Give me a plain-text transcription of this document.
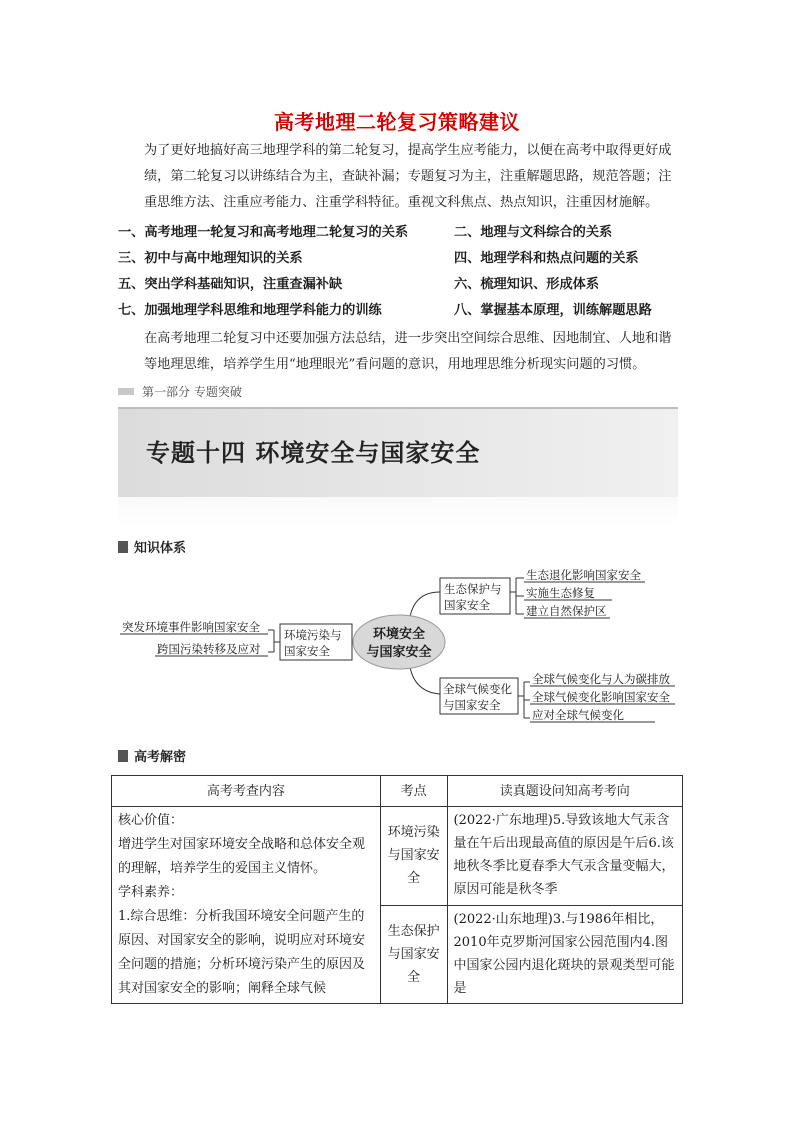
高考地理二轮复习策略建议
为了更好地搞好高三地理学科的第二轮复习，提高学生应考能力，以便在高考中取得更好成绩，第二轮复习以讲练结合为主，查缺补漏；专题复习为主，注重解题思路，规范答题；注重思维方法、注重应考能力、注重学科特征。重视文科焦点、热点知识，注重因材施解。
一、高考地理一轮复习和高考地理二轮复习的关系	二、地理与文科综合的关系
三、初中与高中地理知识的关系	四、地理学科和热点问题的关系
五、突出学科基础知识，注重查漏补缺	六、梳理知识、形成体系
七、加强地理学科思维和地理学科能力的训练	八、掌握基本原理，训练解题思路
在高考地理二轮复习中还要加强方法总结，进一步突出空间综合思维、因地制宜、人地和谐等地理思维，培养学生用“地理眼光”看问题的意识，用地理思维分析现实问题的习惯。
第一部分 专题突破
专题十四 环境安全与国家安全
知识体系
环境安全
与国家安全
生态保护与
国家安全
生态退化影响国家安全
实施生态修复
建立自然保护区
环境污染与
国家安全
突发环境事件影响国家安全
跨国污染转移及应对
全球气候变化
与国家安全
全球气候变化与人为碳排放
全球气候变化影响国家安全
应对全球气候变化
高考解密
高考考查内容	考点	读真题设问知高考考向

核心价值：
增进学生对国家环境安全战略和总体安全观的理解，培养学生的爱国主义情怀。
学科素养：
1.综合思维：分析我国环境安全问题产生的原因、对国家安全的影响，说明应对环境安全问题的措施；分析环境污染产生的原因及其对国家安全的影响；阐释全球气候	环境污染与国家安全	(2022·广东地理)5.导致该地大气汞含量在午后出现最高值的原因是午后6.该地秋冬季比夏春季大气汞含量变幅大，原因可能是秋冬季
	生态保护与国家安全	(2022·山东地理)3.与1986年相比，2010年克罗斯河国家公园范围内4.图中国家公园内退化斑块的景观类型可能是
